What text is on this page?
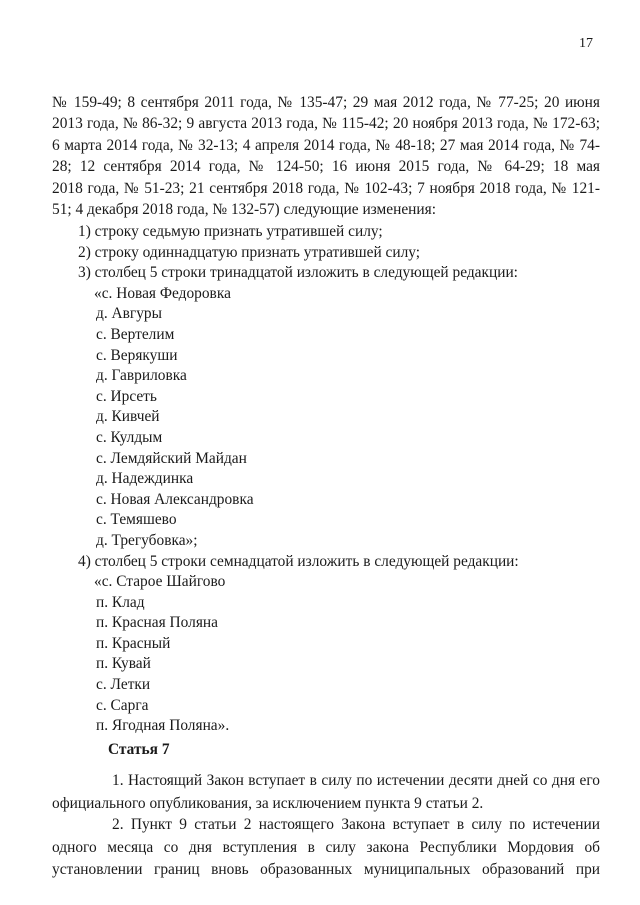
17
№ 159-49; 8 сентября 2011 года, № 135-47; 29 мая 2012 года, № 77-25; 20 июня
2013 года, № 86-32; 9 августа 2013 года, № 115-42; 20 ноября 2013 года, № 172-63;
6 марта 2014 года, № 32-13; 4 апреля 2014 года, № 48-18; 27 мая 2014 года, № 74-
28; 12 сентября 2014 года, № 124-50; 16 июня 2015 года, № 64-29; 18 мая
2018 года, № 51-23; 21 сентября 2018 года, № 102-43; 7 ноября 2018 года, № 121-
51; 4 декабря 2018 года, № 132-57) следующие изменения:
1) строку седьмую признать утратившей силу;
2) строку одиннадцатую признать утратившей силу;
3) столбец 5 строки тринадцатой изложить в следующей редакции:
«с. Новая Федоровка
д. Авгуры
с. Вертелим
с. Верякуши
д. Гавриловка
с. Ирсеть
д. Кивчей
с. Кулдым
с. Лемдяйский Майдан
д. Надеждинка
с. Новая Александровка
с. Темяшево
д. Трегубовка»;
4) столбец 5 строки семнадцатой изложить в следующей редакции:
«с. Старое Шайгово
п. Клад
п. Красная Поляна
п. Красный
п. Кувай
с. Летки
с. Сарга
п. Ягодная Поляна».
Статья 7
1. Настоящий Закон вступает в силу по истечении десяти дней со дня его
официального опубликования, за исключением пункта 9 статьи 2.
2. Пункт 9 статьи 2 настоящего Закона вступает в силу по истечении
одного месяца со дня вступления в силу закона Республики Мордовия об
установлении границ вновь образованных муниципальных образований при
